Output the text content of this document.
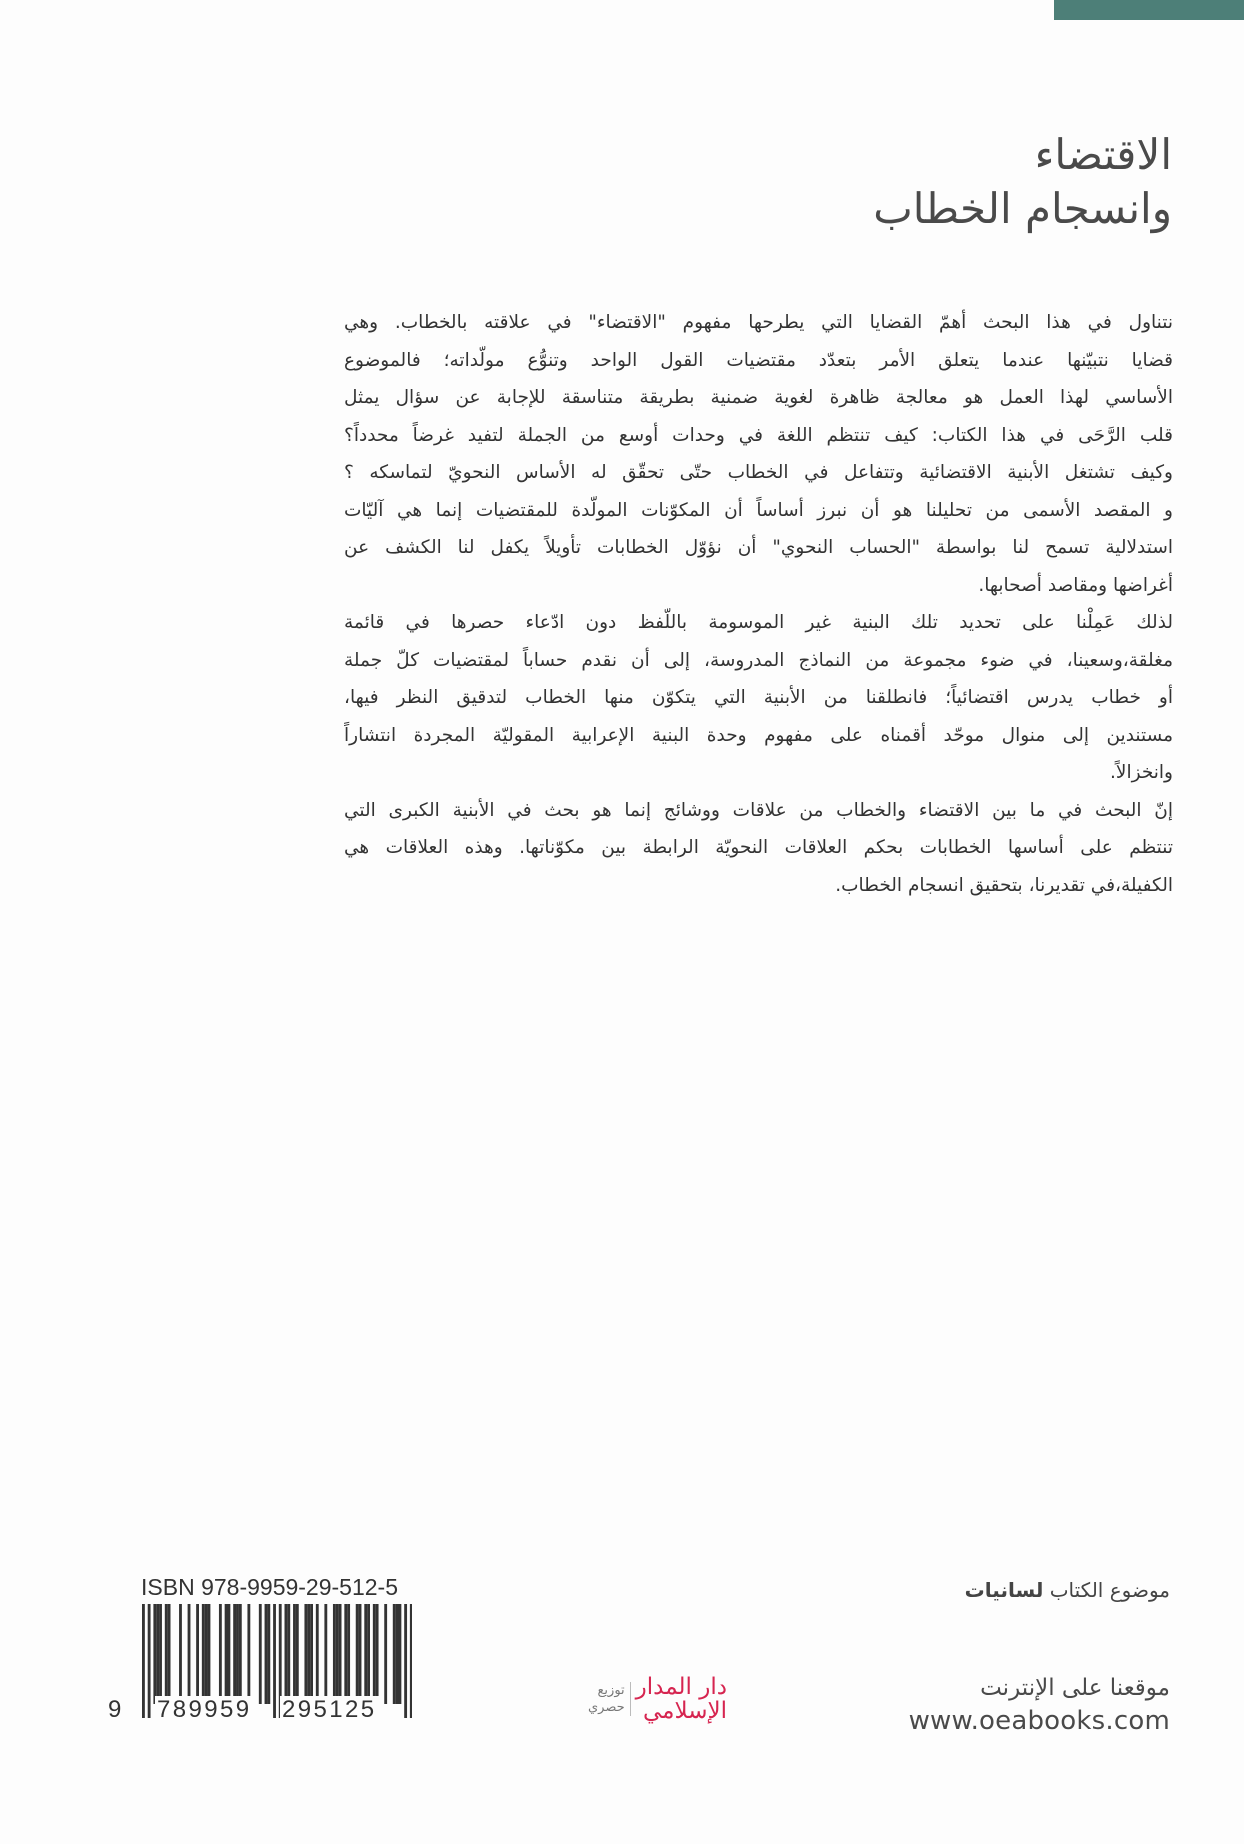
الاقتضاء
وانسجام الخطاب
نتناول في هذا البحث أهمّ القضايا التي يطرحها مفهوم "الاقتضاء" في علاقته بالخطاب. وهي
قضايا نتبيّنها عندما يتعلق الأمر بتعدّد مقتضيات القول الواحد وتنوُّع مولّداته؛ فالموضوع
الأساسي لهذا العمل هو معالجة ظاهرة لغوية ضمنية بطريقة متناسقة للإجابة عن سؤال يمثل
قلب الرَّحَى في هذا الكتاب: كيف تنتظم اللغة في وحدات أوسع من الجملة لتفيد غرضاً محدداً؟
وكيف تشتغل الأبنية الاقتضائية وتتفاعل في الخطاب حتّى تحقّق له الأساس النحويّ لتماسكه ؟
و المقصد الأسمى من تحليلنا هو أن نبرز أساساً أن المكوّنات المولّدة للمقتضيات إنما هي آليّات
استدلالية تسمح لنا بواسطة "الحساب النحوي" أن نؤوّل الخطابات تأويلاً يكفل لنا الكشف عن
أغراضها ومقاصد أصحابها.
لذلك عَمِلْنا على تحديد تلك البنية غير الموسومة باللّفظ دون ادّعاء حصرها في قائمة
مغلقة،وسعينا، في ضوء مجموعة من النماذج المدروسة، إلى أن نقدم حساباً لمقتضيات كلّ جملة
أو خطاب يدرس اقتضائياً؛ فانطلقنا من الأبنية التي يتكوّن منها الخطاب لتدقيق النظر فيها،
مستندين إلى منوال موحّد أقمناه على مفهوم وحدة البنية الإعرابية المقوليّة المجردة انتشاراً
وانخزالاً.
إنّ البحث في ما بين الاقتضاء والخطاب من علاقات ووشائج إنما هو بحث في الأبنية الكبرى التي
تنتظم على أساسها الخطابات بحكم العلاقات النحويّة الرابطة بين مكوّناتها. وهذه العلاقات هي
الكفيلة،في تقديرنا، بتحقيق انسجام الخطاب.
موضوع الكتاب لسانيات
موقعنا على الإنترنت
www.oeabooks.com
توزيع
حصري
دار المدار
الإسلامي
ISBN 978-9959-29-512-5
9 789959 295125
